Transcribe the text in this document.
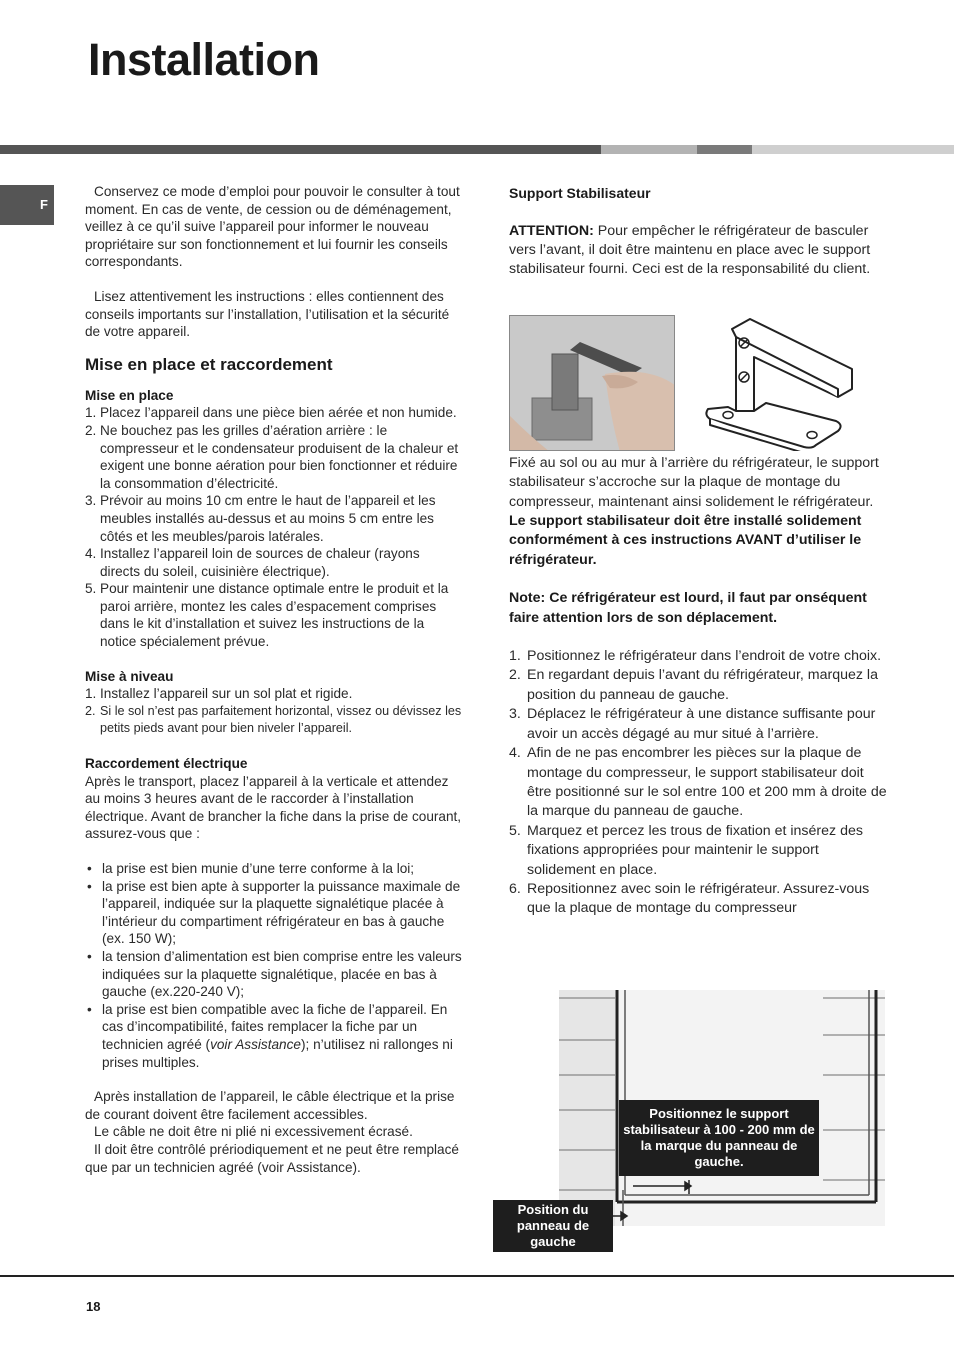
Installation
F

Conservez ce mode d’emploi pour pouvoir le consulter à tout moment. En cas de vente, de cession ou de déménagement, veillez à ce qu’il suive l’appareil pour informer le nouveau propriétaire sur son fonctionnement et lui fournir les conseils correspondants.

Lisez attentivement les instructions : elles contiennent des conseils importants sur l’installation, l’utilisation et la sécurité de votre appareil.

Mise en place et raccordement
Mise en place
1. Placez l’appareil dans une pièce bien aérée et non humide.
2. Ne bouchez pas les grilles d’aération arrière : le compresseur et le condensateur produisent de la chaleur et exigent une bonne aération pour bien fonctionner et réduire la consommation d’électricité.
3. Prévoir au moins 10 cm entre le haut de l’appareil et les meubles installés au-dessus et au moins 5 cm entre les côtés et les meubles/parois latérales.
4. Installez l’appareil loin de sources de chaleur (rayons directs du soleil, cuisinière électrique).
5. Pour maintenir une distance optimale entre le produit et la paroi arrière, montez les cales d’espacement comprises dans le kit d’installation et suivez les instructions de la notice spécialement prévue.
Mise à niveau
1. Installez l’appareil sur un sol plat et rigide.
2. Si le sol n’est pas parfaitement horizontal, vissez ou dévissez les petits pieds avant pour bien niveler l’appareil.
Raccordement électrique

Après le transport, placez l’appareil à la verticale et attendez au moins 3 heures avant de le raccorder à l’installation électrique. Avant de brancher la fiche dans la prise de courant, assurez-vous que :

• la prise est bien munie d’une terre conforme à la loi;
• la prise est bien apte à supporter la puissance maximale de l’appareil, indiquée sur la plaquette signalétique placée à l’intérieur du compartiment réfrigérateur en bas à gauche (ex. 150 W);
• la tension d’alimentation est bien comprise entre les valeurs indiquées sur la plaquette signalétique, placée en bas à gauche (ex.220-240 V);
• la prise est bien compatible avec la fiche de l’appareil. En cas d’incompatibilité, faites remplacer la fiche par un technicien agréé (voir Assistance); n’utilisez ni rallonges ni prises multiples.

Après installation de l’appareil, le câble électrique et la prise de courant doivent être facilement accessibles.

Le câble ne doit être ni plié ni excessivement écrasé.

Il doit être contrôlé prériodiquement et ne peut être remplacé que par un technicien agréé (voir Assistance).

Support Stabilisateur

ATTENTION: Pour empêcher le réfrigérateur de basculer vers l’avant, il doit être maintenu en place avec le support stabilisateur fourni. Ceci est de la responsabilité du client.

Fixé au sol ou au mur à l’arrière du réfrigérateur, le support stabilisateur s’accroche sur la plaque de montage du compresseur, maintenant ainsi solidement le réfrigérateur.

Le support stabilisateur doit être installé solidement conformément à ces instructions AVANT d’utiliser le réfrigérateur.

Note: Ce réfrigérateur est lourd, il faut par onséquent faire attention lors de son déplacement.

1. Positionnez le réfrigérateur dans l’endroit de votre choix.
2. En regardant depuis l’avant du réfrigérateur, marquez la position du panneau de gauche.
3. Déplacez le réfrigérateur à une distance suffisante pour avoir un accès dégagé au mur situé à l’arrière.
4. Afin de ne pas encombrer les pièces sur la plaque de montage du compresseur, le support stabilisateur doit être positionné sur le sol entre 100 et 200 mm à droite de la marque du panneau de gauche.
5. Marquez et percez les trous de fixation et insérez des fixations appropriées pour maintenir le support solidement en place.
6. Repositionnez avec soin le réfrigérateur. Assurez-vous que la plaque de montage du compresseur
Positionnez le support stabilisateur à 100 - 200 mm de la marque du panneau de gauche.
Position du panneau de gauche
18
